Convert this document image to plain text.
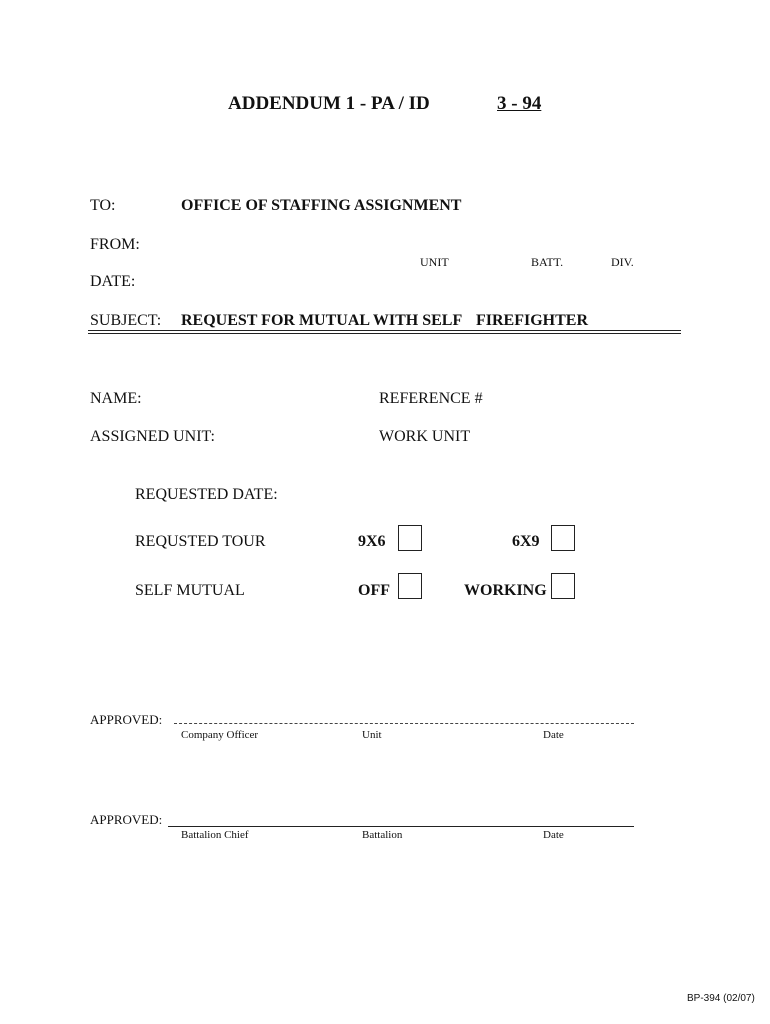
ADDENDUM 1 - PA / ID	3 - 94
TO:	OFFICE OF STAFFING ASSIGNMENT
FROM:
UNIT	BATT.	DIV.
DATE:
SUBJECT: REQUEST FOR MUTUAL WITH SELF FIREFIGHTER
NAME:	REFERENCE #
ASSIGNED UNIT:	WORK UNIT
REQUESTED DATE:
REQUSTED TOUR	9X6	6X9
SELF MUTUAL	OFF	WORKING
APPROVED:
Company Officer	Unit	Date
APPROVED:
Battalion Chief	Battalion	Date
BP-394 (02/07)
